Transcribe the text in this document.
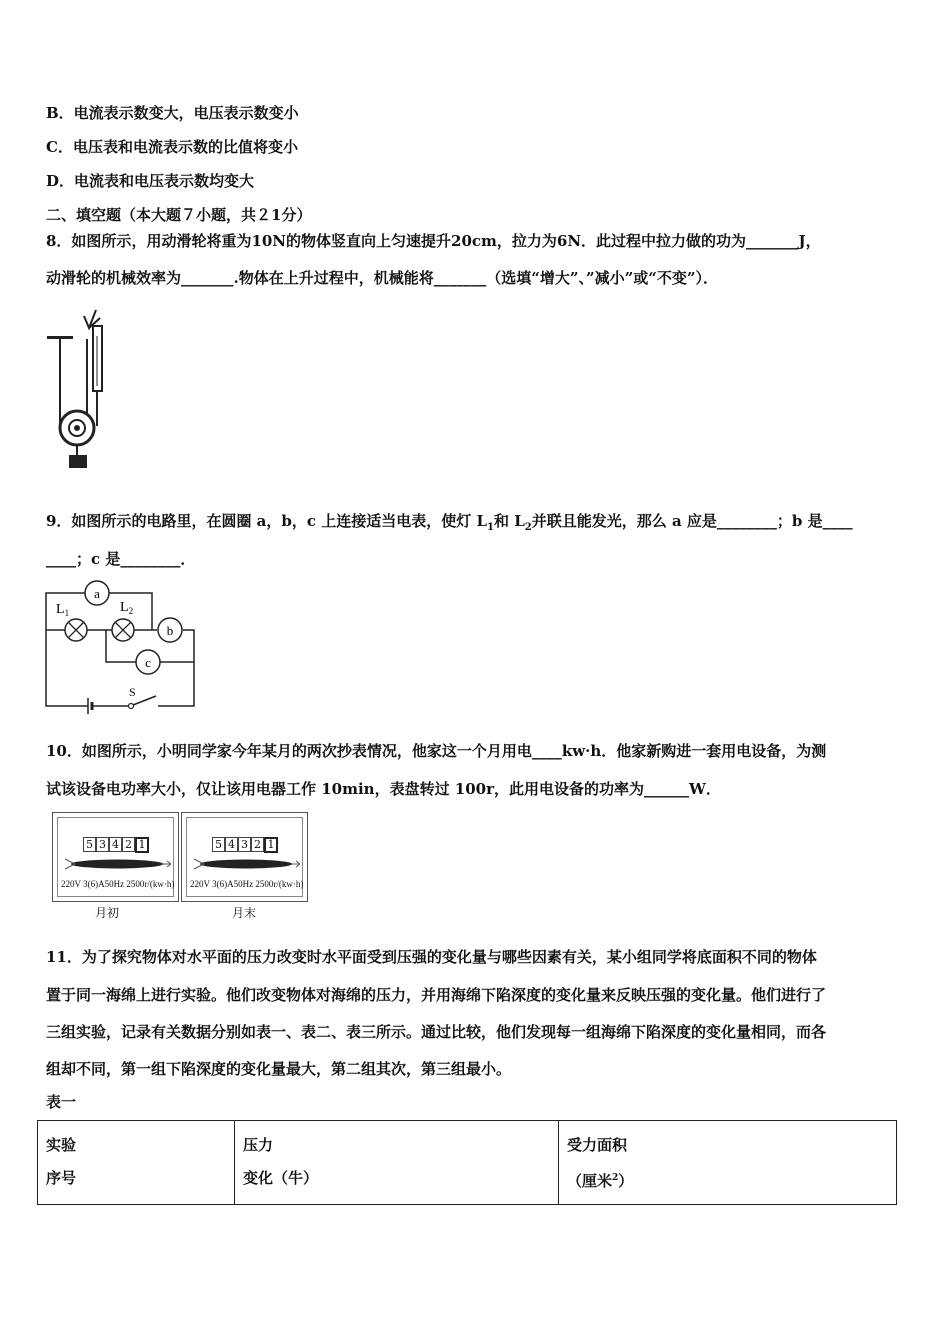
B．电流表示数变大，电压表示数变小
C．电压表和电流表示数的比值将变小
D．电流表和电压表示数均变大
二、填空题（本大题７小题，共２1分）
8．如图所示，用动滑轮将重为10N的物体竖直向上匀速提升20cm，拉力为6N．此过程中拉力做的功为_______J，
动滑轮的机械效率为_______.物体在上升过程中，机械能将_______（选填“增大”、”减小”或“不变”）．
9．如图所示的电路里，在圆圈 a，b，c 上连接适当电表，使灯 $L_1$和 $L_2$并联且能发光，那么 a 应是________；b 是____
____；c 是________．
$L_1$	$L_2$
a
b
c
S
10．如图所示，小明同学家今年某月的两次抄表情况，他家这一个月用电____kw·h．他家新购进一套用电设备，为测
试该设备电功率大小，仅让该用电器工作 10min，表盘转过 100r，此用电设备的功率为______W．
5 3 4 2 1
220V 3(6)A50Hz 2500r/(kw·h)
月初
5 4 3 2 1
220V 3(6)A50Hz 2500r/(kw·h)
月末
11．为了探究物体对水平面的压力改变时水平面受到压强的变化量与哪些因素有关，某小组同学将底面积不同的物体
置于同一海绵上进行实验。他们改变物体对海绵的压力，并用海绵下陷深度的变化量来反映压强的变化量。他们进行了
三组实验，记录有关数据分别如表一、表二、表三所示。通过比较，他们发现每一组海绵下陷深度的变化量相同，而各
组却不同，第一组下陷深度的变化量最大，第二组其次，第三组最小。
表一
实验
序号

压力
变化（牛）

受力面积
（厘米$^2$）
